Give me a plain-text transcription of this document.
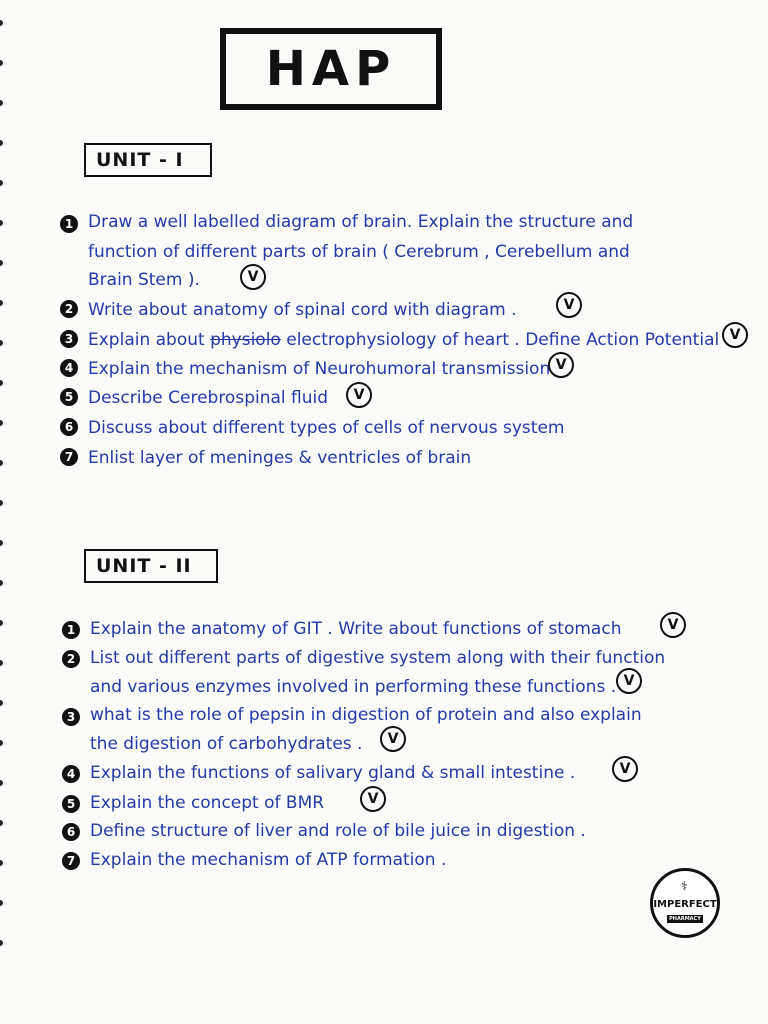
HAP
UNIT - I
1 Draw a well labelled diagram of brain. Explain the structure and
function of different parts of brain ( Cerebrum , Cerebellum and
Brain Stem ).	V
2 Write about anatomy of spinal cord with diagram .	V
3 Explain about physiolo electrophysiology of heart . Define Action Potential V
4 Explain the mechanism of Neurohumoral transmission V
5 Describe Cerebrospinal fluid	V
6 Discuss about different types of cells of nervous system
7 Enlist layer of meninges & ventricles of brain
UNIT - II
1 Explain the anatomy of GIT . Write about functions of stomach	V
2 List out different parts of digestive system along with their function
and various enzymes involved in performing these functions . V
3 what is the role of pepsin in digestion of protein and also explain
the digestion of carbohydrates .	V
4 Explain the functions of salivary gland & small intestine .	V
5 Explain the concept of BMR	V
6 Define structure of liver and role of bile juice in digestion .
7 Explain the mechanism of ATP formation .
⚕
IMPERFECT
PHARMACY
